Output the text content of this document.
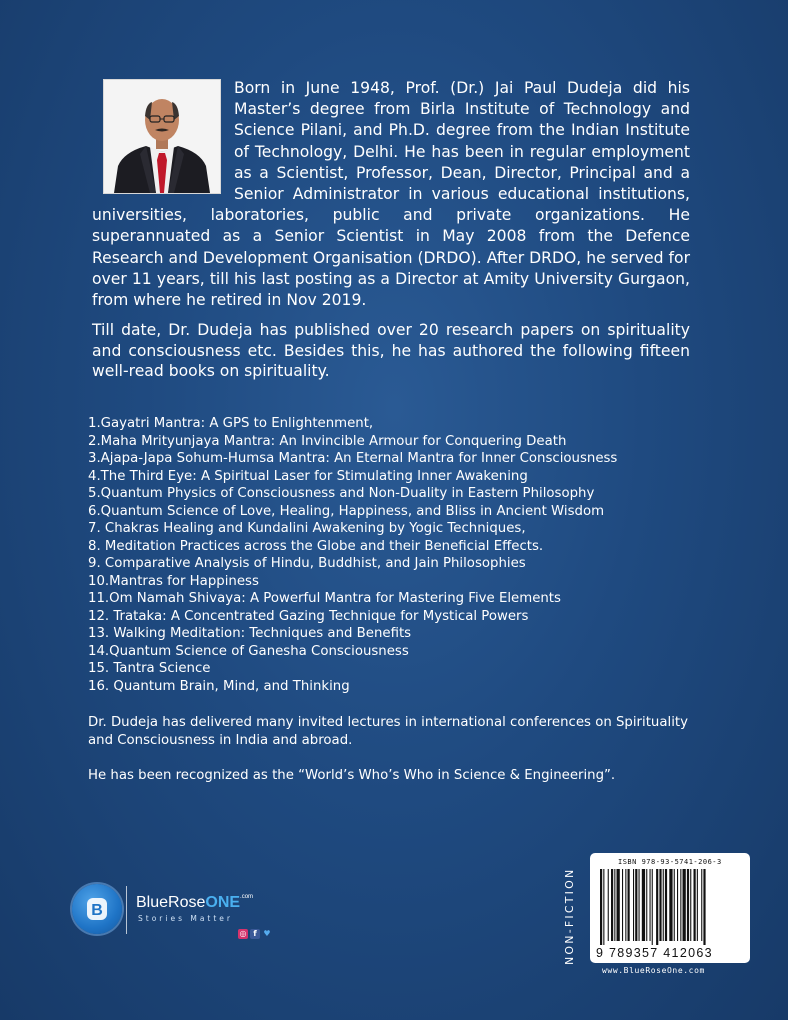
Born in June 1948, Prof. (Dr.) Jai Paul Dudeja did his Master’s degree from Birla Institute of Technology and Science Pilani, and Ph.D. degree from the Indian Institute of Technology, Delhi. He has been in regular employment as a Scientist, Professor, Dean, Director, Principal and a Senior Administrator in various educational institutions, universities, laboratories, public and private organizations. He superannuated as a Senior Scientist in May 2008 from the Defence Research and Development Organisation (DRDO). After DRDO, he served for over 11 years, till his last posting as a Director at Amity University Gurgaon, from where he retired in Nov 2019.

Till date, Dr. Dudeja has published over 20 research papers on spirituality and consciousness etc. Besides this, he has authored the following fifteen well-read books on spirituality.

1.Gayatri Mantra: A GPS to Enlightenment,
2.Maha Mrityunjaya Mantra: An Invincible Armour for Conquering Death
3.Ajapa-Japa Sohum-Humsa Mantra: An Eternal Mantra for Inner Consciousness
4.The Third Eye: A Spiritual Laser for Stimulating Inner Awakening
5.Quantum Physics of Consciousness and Non-Duality in Eastern Philosophy
6.Quantum Science of Love, Healing, Happiness, and Bliss in Ancient Wisdom
7. Chakras Healing and Kundalini Awakening by Yogic Techniques,
8. Meditation Practices across the Globe and their Beneficial Effects.
9. Comparative Analysis of Hindu, Buddhist, and Jain Philosophies
10.Mantras for Happiness
11.Om Namah Shivaya: A Powerful Mantra for Mastering Five Elements
12. Trataka: A Concentrated Gazing Technique for Mystical Powers
13. Walking Meditation: Techniques and Benefits
14.Quantum Science of Ganesha Consciousness
15. Tantra Science
16. Quantum Brain, Mind, and Thinking

Dr. Dudeja has delivered many invited lectures in international conferences on Spirituality and Consciousness in India and abroad.

He has been recognized as the “World’s Who’s Who in Science & Engineering”.

B BlueRoseONE$^{.com}$
Stories Matter
◎ f ♥	NON-FICTION
ISBN 978-93-5741-206-3
9 789357 412063
www.BlueRoseOne.com
